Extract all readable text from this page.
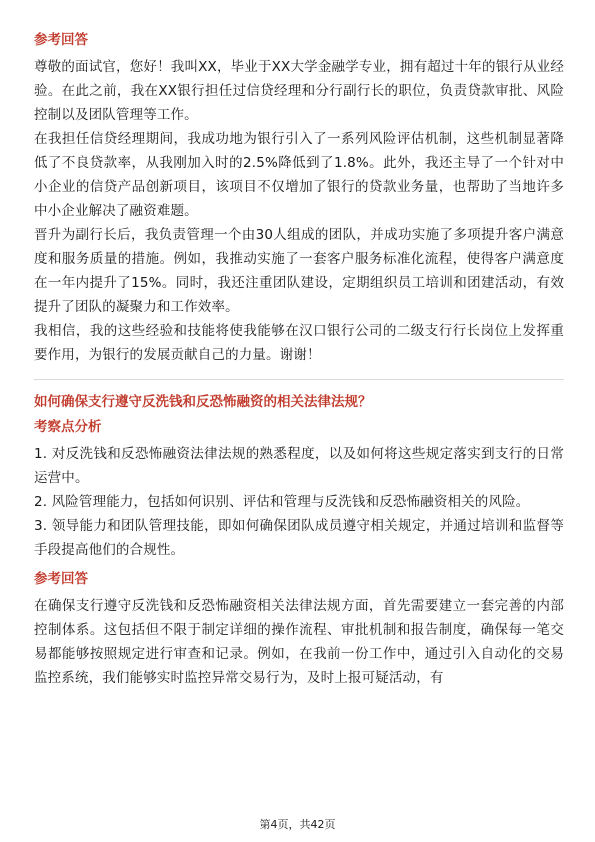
参考回答

尊敬的面试官，您好！我叫XX，毕业于XX大学金融学专业，拥有超过十年的银行从业经验。在此之前，我在XX银行担任过信贷经理和分行副行长的职位，负责贷款审批、风险控制以及团队管理等工作。

在我担任信贷经理期间，我成功地为银行引入了一系列风险评估机制，这些机制显著降低了不良贷款率，从我刚加入时的2.5%降低到了1.8%。此外，我还主导了一个针对中小企业的信贷产品创新项目，该项目不仅增加了银行的贷款业务量，也帮助了当地许多中小企业解决了融资难题。

晋升为副行长后，我负责管理一个由30人组成的团队，并成功实施了多项提升客户满意度和服务质量的措施。例如，我推动实施了一套客户服务标准化流程，使得客户满意度在一年内提升了15%。同时，我还注重团队建设，定期组织员工培训和团建活动，有效提升了团队的凝聚力和工作效率。

我相信，我的这些经验和技能将使我能够在汉口银行公司的二级支行行长岗位上发挥重要作用，为银行的发展贡献自己的力量。谢谢！

如何确保支行遵守反洗钱和反恐怖融资的相关法律法规？
考察点分析

1. 对反洗钱和反恐怖融资法律法规的熟悉程度，以及如何将这些规定落实到支行的日常运营中。

2. 风险管理能力，包括如何识别、评估和管理与反洗钱和反恐怖融资相关的风险。

3. 领导能力和团队管理技能，即如何确保团队成员遵守相关规定，并通过培训和监督等手段提高他们的合规性。

参考回答

在确保支行遵守反洗钱和反恐怖融资相关法律法规方面，首先需要建立一套完善的内部控制体系。这包括但不限于制定详细的操作流程、审批机制和报告制度，确保每一笔交易都能够按照规定进行审查和记录。例如，在我前一份工作中，通过引入自动化的交易监控系统，我们能够实时监控异常交易行为，及时上报可疑活动，有

第4页，共42页
